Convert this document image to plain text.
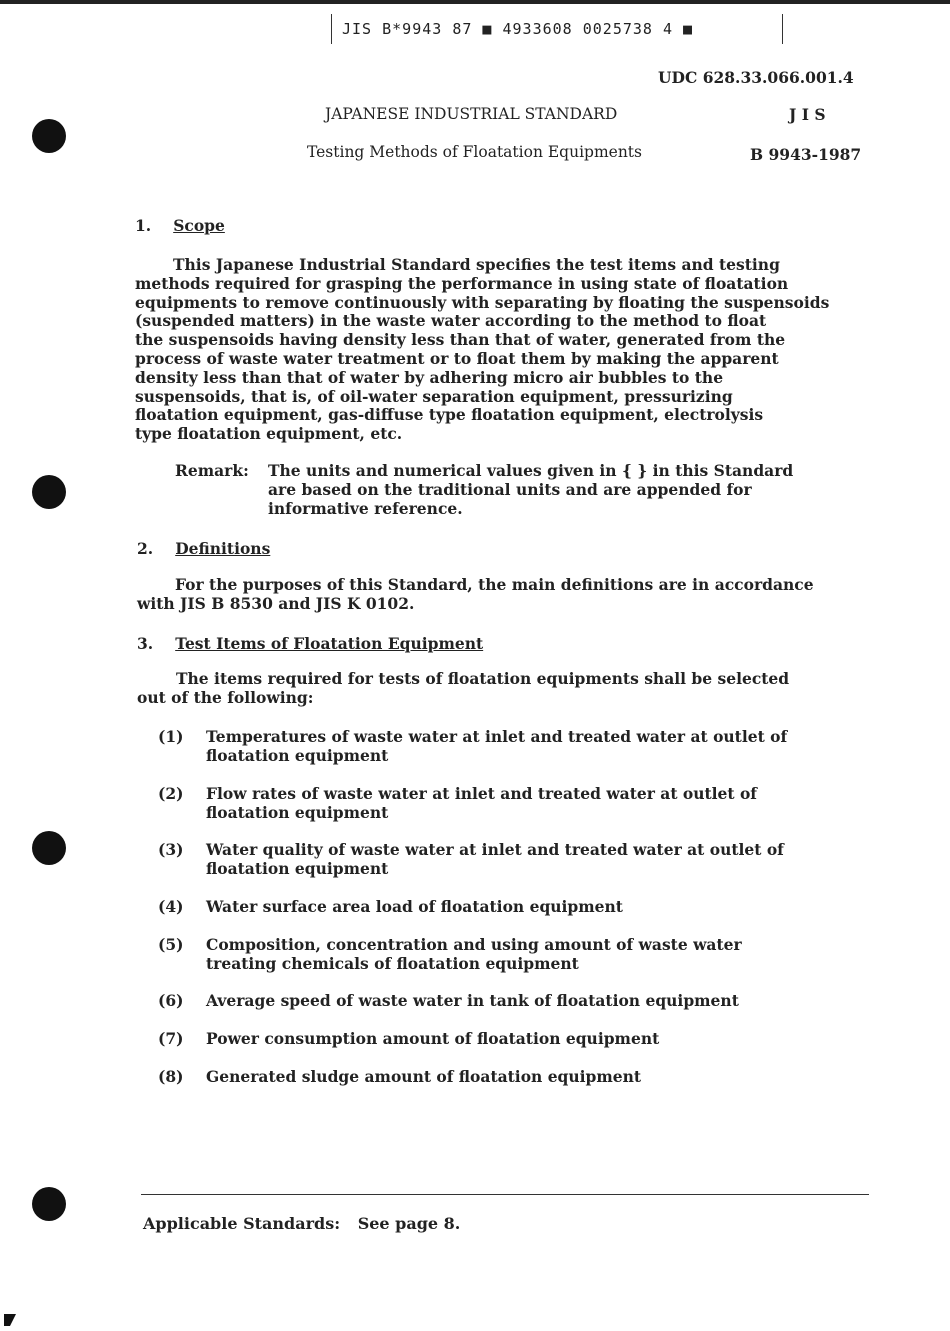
JIS B*9943 87 ■ 4933608 0025738 4 ■
UDC 628.33.066.001.4
JAPANESE INDUSTRIAL STANDARD	J I S
Testing Methods of Floatation Equipments	B 9943-1987
1. Scope
This Japanese Industrial Standard specifies the test items and testing
methods required for grasping the performance in using state of floatation
equipments to remove continuously with separating by floating the suspensoids
(suspended matters) in the waste water according to the method to float
the suspensoids having density less than that of water, generated from the
process of waste water treatment or to float them by making the apparent
density less than that of water by adhering micro air bubbles to the
suspensoids, that is, of oil-water separation equipment, pressurizing
floatation equipment, gas-diffuse type floatation equipment, electrolysis
type floatation equipment, etc.
Remark: The units and numerical values given in { } in this Standard
are based on the traditional units and are appended for
informative reference.
2. Definitions
For the purposes of this Standard, the main definitions are in accordance
with JIS B 8530 and JIS K 0102.
3. Test Items of Floatation Equipment
The items required for tests of floatation equipments shall be selected
out of the following:
(1) Temperatures of waste water at inlet and treated water at outlet of
floatation equipment
(2) Flow rates of waste water at inlet and treated water at outlet of
floatation equipment
(3) Water quality of waste water at inlet and treated water at outlet of
floatation equipment
(4) Water surface area load of floatation equipment
(5) Composition, concentration and using amount of waste water
treating chemicals of floatation equipment
(6) Average speed of waste water in tank of floatation equipment
(7) Power consumption amount of floatation equipment
(8) Generated sludge amount of floatation equipment
Applicable Standards: See page 8.
